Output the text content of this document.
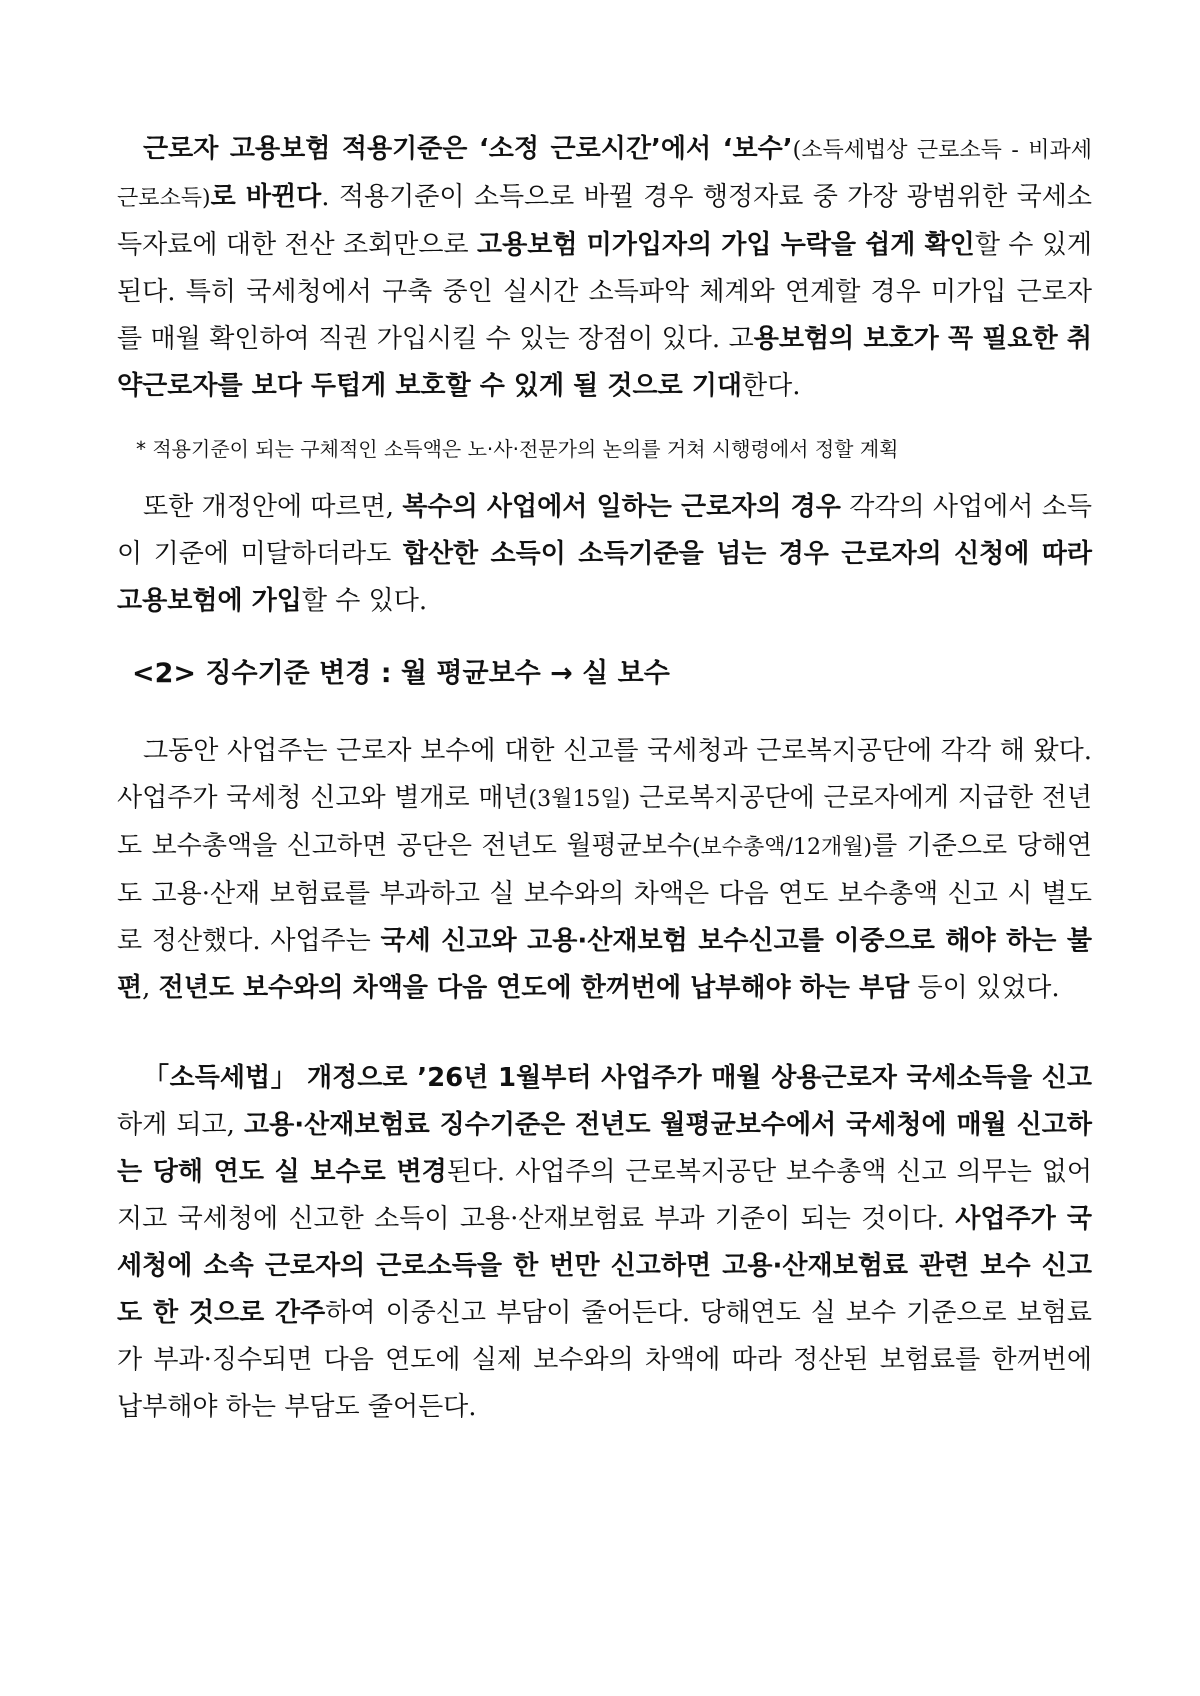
근로자 고용보험 적용기준은 ‘소정 근로시간’에서 ‘보수’(소득세법상 근로소득 - 비과세 근로소득)로 바뀐다. 적용기준이 소득으로 바뀔 경우 행정자료 중 가장 광범위한 국세소득자료에 대한 전산 조회만으로 고용보험 미가입자의 가입 누락을 쉽게 확인할 수 있게 된다. 특히 국세청에서 구축 중인 실시간 소득파악 체계와 연계할 경우 미가입 근로자를 매월 확인하여 직권 가입시킬 수 있는 장점이 있다. 고용보험의 보호가 꼭 필요한 취약근로자를 보다 두텁게 보호할 수 있게 될 것으로 기대한다.

* 적용기준이 되는 구체적인 소득액은 노·사·전문가의 논의를 거쳐 시행령에서 정할 계획

또한 개정안에 따르면, 복수의 사업에서 일하는 근로자의 경우 각각의 사업에서 소득이 기준에 미달하더라도 합산한 소득이 소득기준을 넘는 경우 근로자의 신청에 따라 고용보험에 가입할 수 있다.

<2> 징수기준 변경 : 월 평균보수 → 실 보수

그동안 사업주는 근로자 보수에 대한 신고를 국세청과 근로복지공단에 각각 해 왔다. 사업주가 국세청 신고와 별개로 매년(3월15일) 근로복지공단에 근로자에게 지급한 전년도 보수총액을 신고하면 공단은 전년도 월평균보수(보수총액/12개월)를 기준으로 당해연도 고용·산재 보험료를 부과하고 실 보수와의 차액은 다음 연도 보수총액 신고 시 별도로 정산했다. 사업주는 국세 신고와 고용·산재보험 보수신고를 이중으로 해야 하는 불편, 전년도 보수와의 차액을 다음 연도에 한꺼번에 납부해야 하는 부담 등이 있었다.

「소득세법」 개정으로 ’26년 1월부터 사업주가 매월 상용근로자 국세소득을 신고하게 되고, 고용·산재보험료 징수기준은 전년도 월평균보수에서 국세청에 매월 신고하는 당해 연도 실 보수로 변경된다. 사업주의 근로복지공단 보수총액 신고 의무는 없어지고 국세청에 신고한 소득이 고용·산재보험료 부과 기준이 되는 것이다. 사업주가 국세청에 소속 근로자의 근로소득을 한 번만 신고하면 고용·산재보험료 관련 보수 신고도 한 것으로 간주하여 이중신고 부담이 줄어든다. 당해연도 실 보수 기준으로 보험료가 부과·징수되면 다음 연도에 실제 보수와의 차액에 따라 정산된 보험료를 한꺼번에 납부해야 하는 부담도 줄어든다.
